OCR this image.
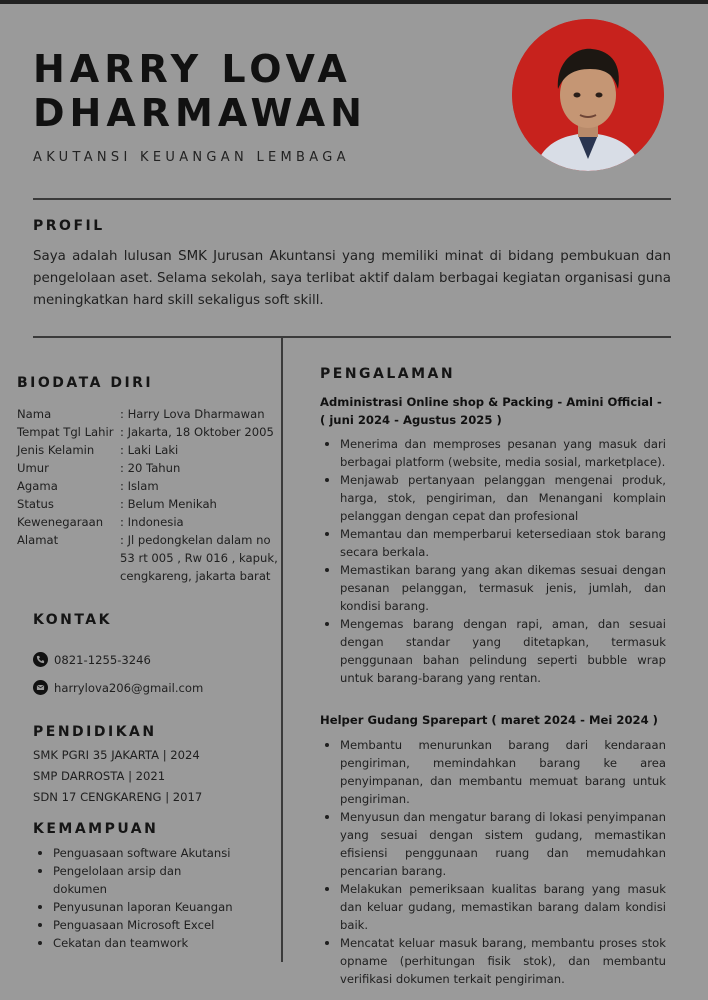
HARRY LOVA
DHARMAWAN
AKUTANSI KEUANGAN LEMBAGA
PROFIL
Saya adalah lulusan SMK Jurusan Akuntansi yang memiliki minat di bidang pembukuan dan pengelolaan aset. Selama sekolah, saya terlibat aktif dalam berbagai kegiatan organisasi guna meningkatkan hard skill sekaligus soft skill.
BIODATA DIRI
Nama	: Harry Lova Dharmawan
Tempat Tgl Lahir : Jakarta, 18 Oktober 2005
Jenis Kelamin	: Laki Laki
Umur	: 20 Tahun
Agama	: Islam
Status	: Belum Menikah
Kewenegaraan	: Indonesia
Alamat	: Jl pedongkelan dalam no 53 rt 005 , Rw 016 , kapuk, cengkareng, jakarta barat
KONTAK
0821-1255-3246
harrylova206@gmail.com
PENDIDIKAN
SMK PGRI 35 JAKARTA | 2024
SMP DARROSTA | 2021
SDN 17 CENGKARENG | 2017
KEMAMPUAN
Penguasaan software Akutansi
Pengelolaan arsip dan dokumen
Penyusunan laporan Keuangan
Penguasaan Microsoft Excel
Cekatan dan teamwork
PENGALAMAN
Administrasi Online shop & Packing - Amini Official - ( juni 2024 - Agustus 2025 )
Menerima dan memproses pesanan yang masuk dari berbagai platform (website, media sosial, marketplace).
Menjawab pertanyaan pelanggan mengenai produk, harga, stok, pengiriman, dan Menangani komplain pelanggan dengan cepat dan profesional
Memantau dan memperbarui ketersediaan stok barang secara berkala.
Memastikan barang yang akan dikemas sesuai dengan pesanan pelanggan, termasuk jenis, jumlah, dan kondisi barang.
Mengemas barang dengan rapi, aman, dan sesuai dengan standar yang ditetapkan, termasuk penggunaan bahan pelindung seperti bubble wrap untuk barang-barang yang rentan.
Helper Gudang Sparepart ( maret 2024 - Mei 2024 )
Membantu menurunkan barang dari kendaraan pengiriman, memindahkan barang ke area penyimpanan, dan membantu memuat barang untuk pengiriman.
Menyusun dan mengatur barang di lokasi penyimpanan yang sesuai dengan sistem gudang, memastikan efisiensi penggunaan ruang dan memudahkan pencarian barang.
Melakukan pemeriksaan kualitas barang yang masuk dan keluar gudang, memastikan barang dalam kondisi baik.
Mencatat keluar masuk barang, membantu proses stok opname (perhitungan fisik stok), dan membantu verifikasi dokumen terkait pengiriman.
